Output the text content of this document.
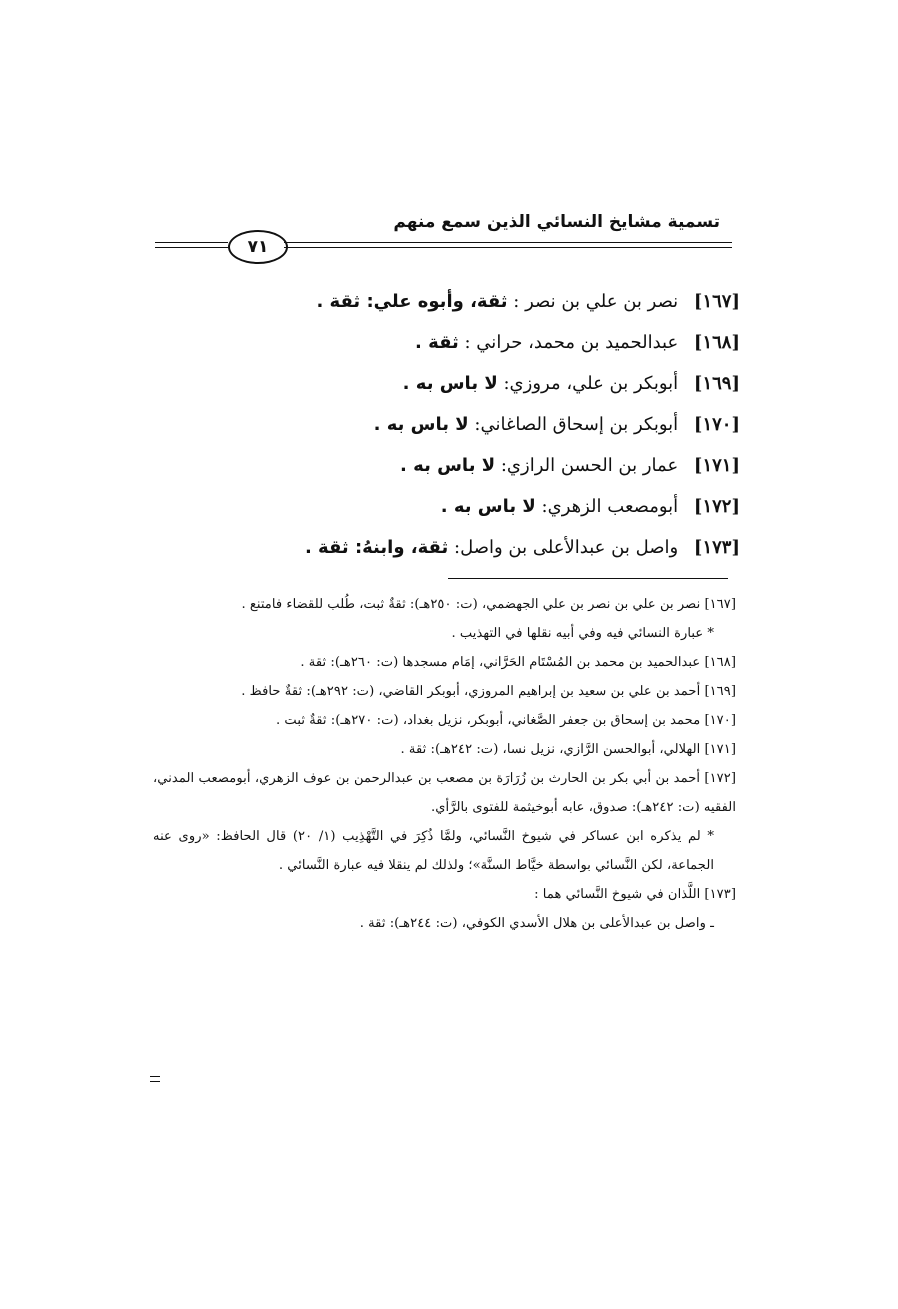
تسمية مشايخ النسائي الذين سمع منهم
٧١
[١٦٧] نصر بن علي بن نصر : ثقة، وأبوه علي: ثقة .
[١٦٨] عبدالحميد بن محمد، حراني : ثقة .
[١٦٩] أبوبكر بن علي، مروزي: لا باس به .
[١٧٠] أبوبكر بن إسحاق الصاغاني: لا باس به .
[١٧١] عمار بن الحسن الرازي: لا باس به .
[١٧٢] أبومصعب الزهري: لا باس به .
[١٧٣] واصل بن عبدالأعلى بن واصل: ثقة، وابنهُ: ثقة .

[١٦٧] نصر بن علي بن نصر بن علي الجهضمي، (ت: ٢٥٠هـ): ثقةٌ ثبت، طُلب للقضاء فامتنع .

* عبارة النسائي فيه وفي أبيه نقلها في التهذيب .

[١٦٨] عبدالحميد بن محمد بن المُسْتَام الحَرَّاني، إمَام مسجدها (ت: ٢٦٠هـ): ثقة .

[١٦٩] أحمد بن علي بن سعيد بن إبراهيم المروزي، أبوبكر القاضي، (ت: ٢٩٢هـ): ثقةٌ حافظ .

[١٧٠] محمد بن إسحاق بن جعفر الصَّغاني، أبوبكر، نزيل بغداد، (ت: ٢٧٠هـ): ثقةٌ ثبت .

[١٧١] الهلالي، أبوالحسن الرَّازي، نزيل نسا، (ت: ٢٤٢هـ): ثقة .

[١٧٢] أحمد بن أبي بكر بن الحارث بن زُرَارَة بن مصعب بن عبدالرحمن بن عوف الزهري، أبومصعب المدني، الفقيه (ت: ٢٤٢هـ): صدوق، عابه أبوخيثمة للفتوى بالرَّأي.

* لم يذكره ابن عساكر في شيوخ النَّسائي، ولمَّا ذُكِرَ في التَّهْذِيب (١/ ٢٠) قال الحافظ: «روى عنه الجماعة، لكن النَّسائي بواسطة خيَّاط السنَّة»؛ ولذلك لم ينقلا فيه عبارة النَّسائي .

[١٧٣] اللَّذان في شيوخ النَّسائي هما :

ـ واصل بن عبدالأعلى بن هلال الأسدي الكوفي، (ت: ٢٤٤هـ): ثقة .
